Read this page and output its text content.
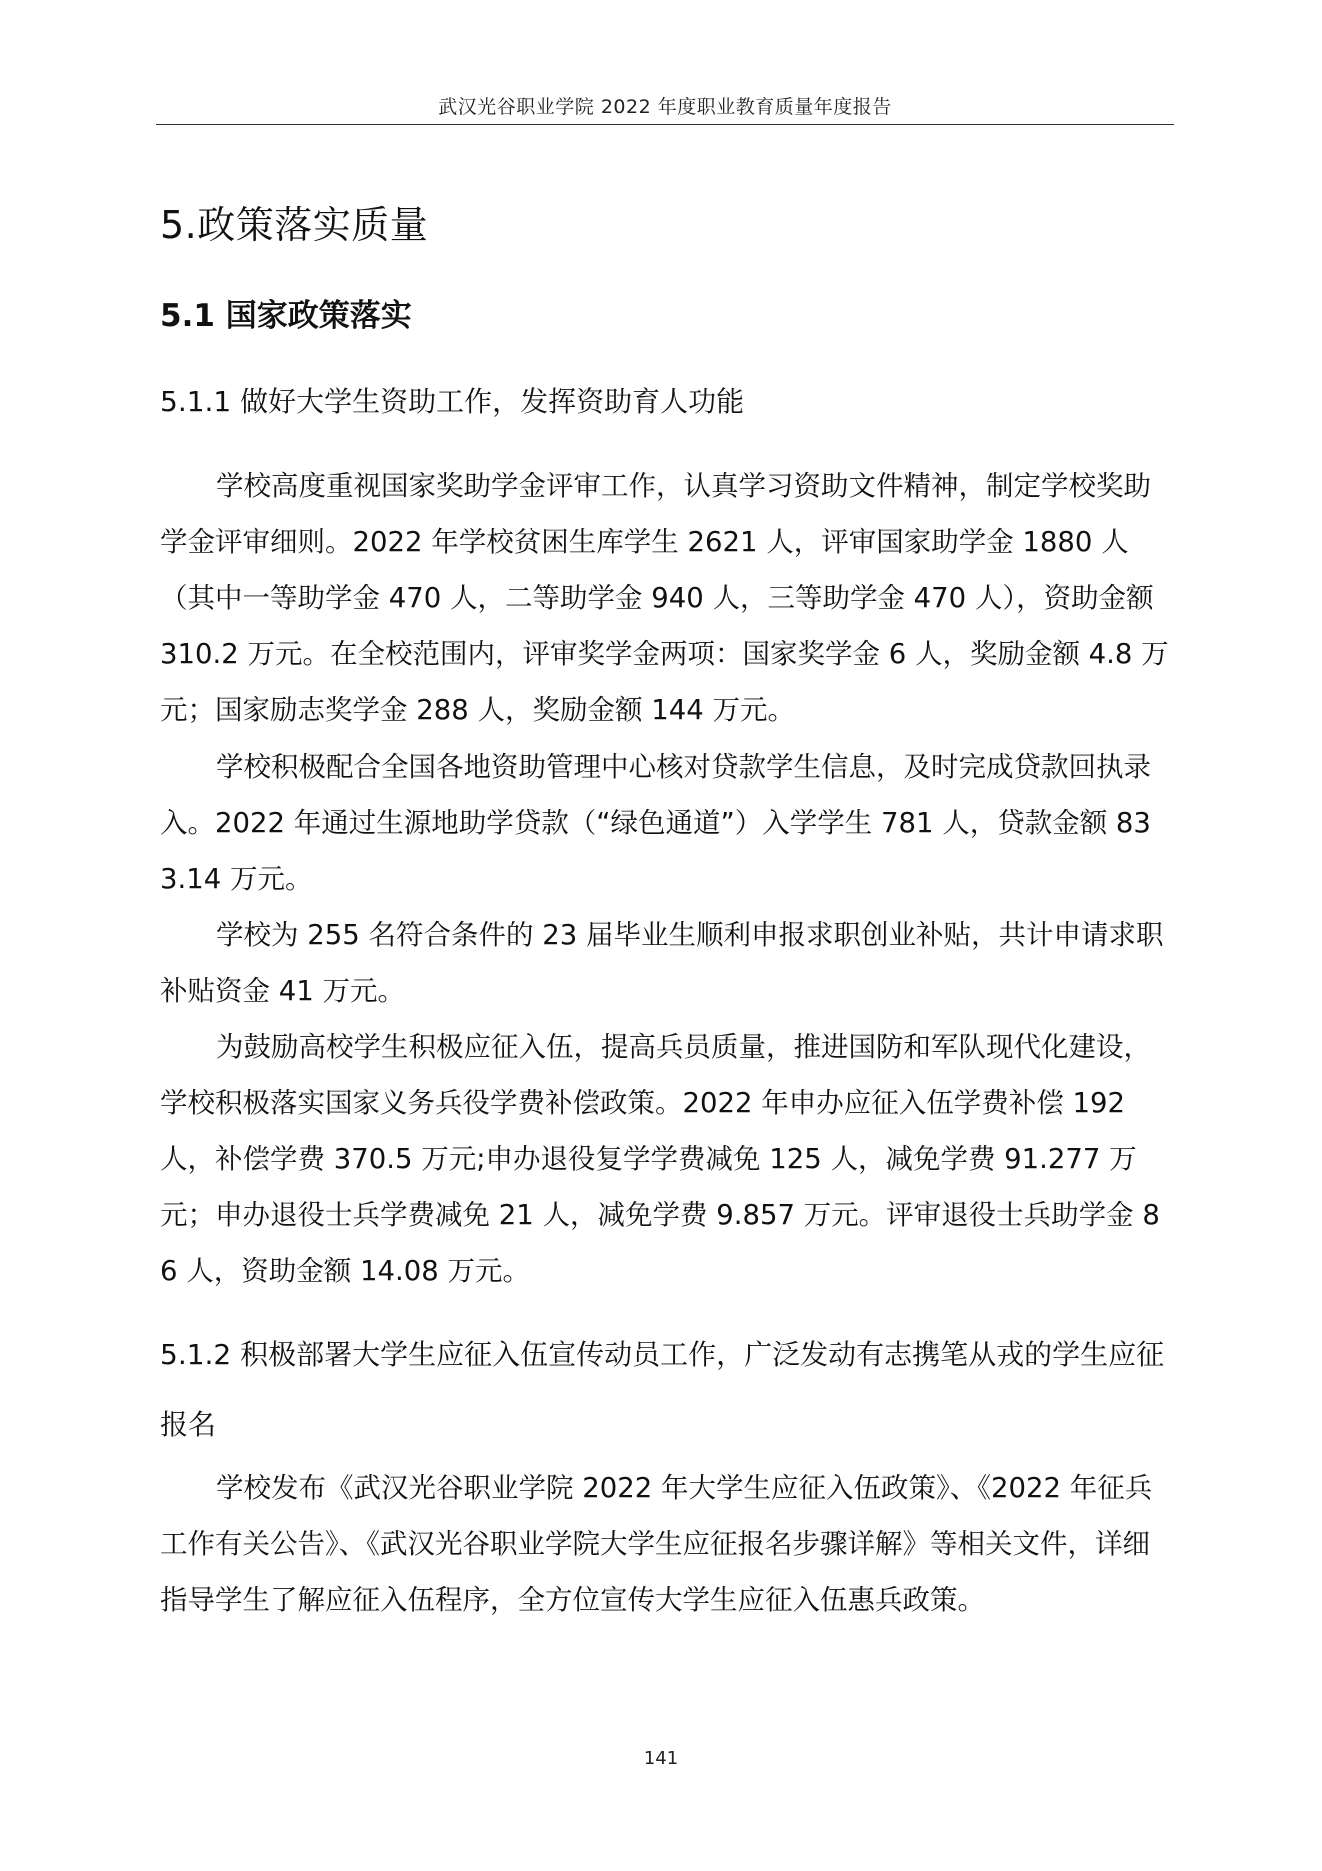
武汉光谷职业学院 2022 年度职业教育质量年度报告
5.政策落实质量
5.1 国家政策落实
5.1.1 做好大学生资助工作，发挥资助育人功能

学校高度重视国家奖助学金评审工作，认真学习资助文件精神，制定学校奖助学金评审细则。2022 年学校贫困生库学生 2621 人，评审国家助学金 1880 人（其中一等助学金 470 人，二等助学金 940 人，三等助学金 470 人），资助金额 310.2 万元。在全校范围内，评审奖学金两项：国家奖学金 6 人，奖励金额 4.8 万元；国家励志奖学金 288 人，奖励金额 144 万元。

学校积极配合全国各地资助管理中心核对贷款学生信息，及时完成贷款回执录入。2022 年通过生源地助学贷款（“绿色通道”）入学学生 781 人，贷款金额 833.14 万元。

学校为 255 名符合条件的 23 届毕业生顺利申报求职创业补贴，共计申请求职补贴资金 41 万元。

为鼓励高校学生积极应征入伍，提高兵员质量，推进国防和军队现代化建设，学校积极落实国家义务兵役学费补偿政策。2022 年申办应征入伍学费补偿 192 人，补偿学费 370.5 万元;申办退役复学学费减免 125 人，减免学费 91.277 万元；申办退役士兵学费减免 21 人，减免学费 9.857 万元。评审退役士兵助学金 86 人，资助金额 14.08 万元。

5.1.2 积极部署大学生应征入伍宣传动员工作，广泛发动有志携笔从戎的学生应征报名

学校发布《武汉光谷职业学院 2022 年大学生应征入伍政策》、《2022 年征兵工作有关公告》、《武汉光谷职业学院大学生应征报名步骤详解》等相关文件，详细指导学生了解应征入伍程序，全方位宣传大学生应征入伍惠兵政策。

141
